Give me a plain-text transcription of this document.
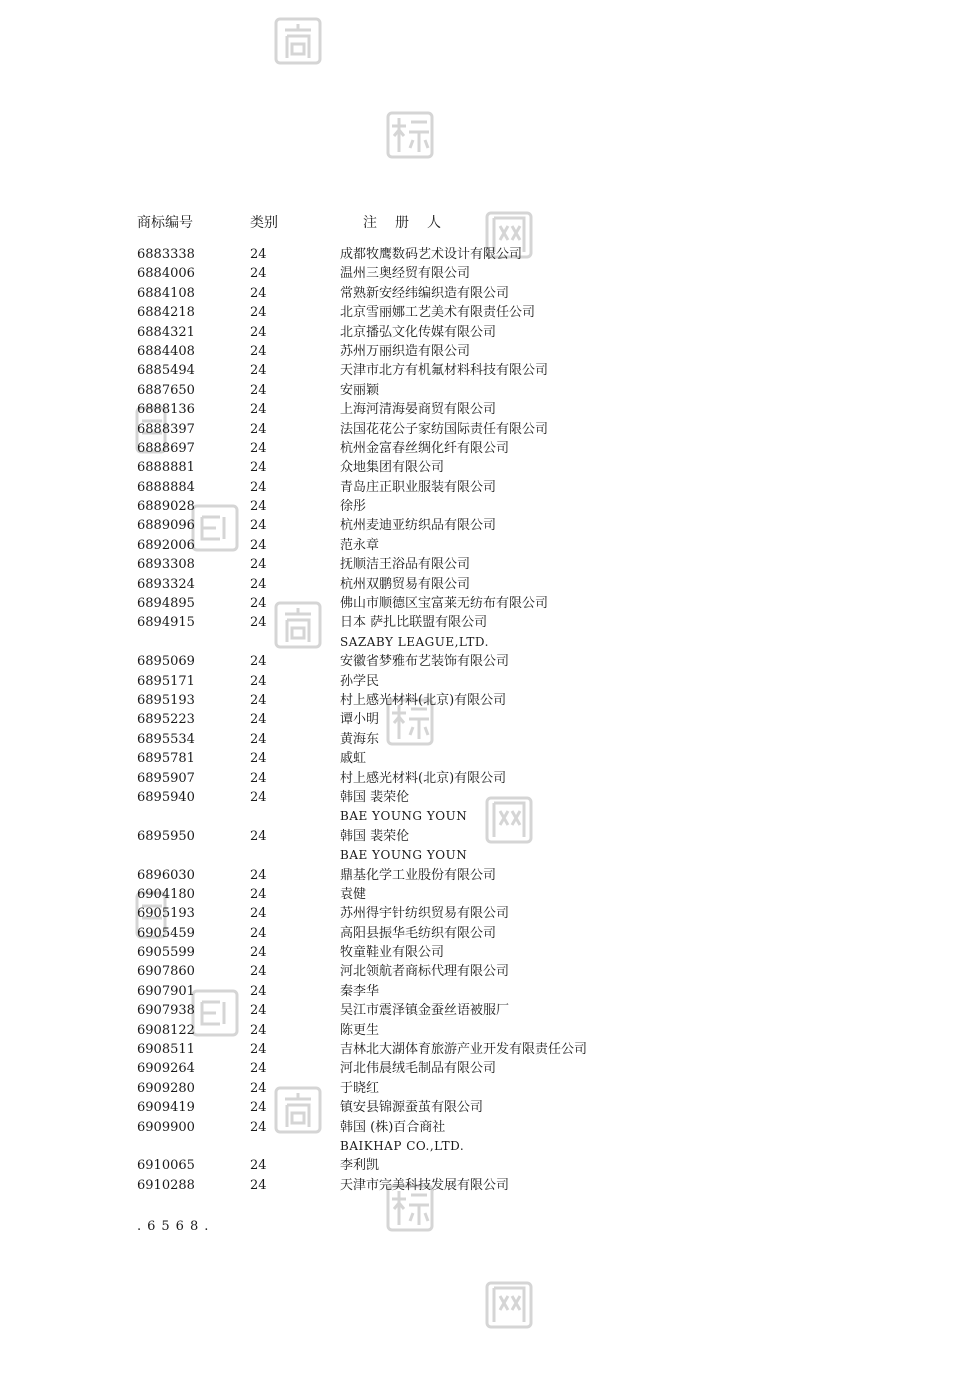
商标编号	类别	注册人
6883338	24	成都牧鹰数码艺术设计有限公司
6884006	24	温州三奥经贸有限公司
6884108	24	常熟新安经纬编织造有限公司
6884218	24	北京雪丽娜工艺美术有限责任公司
6884321	24	北京播弘文化传媒有限公司
6884408	24	苏州万丽织造有限公司
6885494	24	天津市北方有机氟材料科技有限公司
6887650	24	安丽颖
6888136	24	上海河清海晏商贸有限公司
6888397	24	法国花花公子家纺国际责任有限公司
6888697	24	杭州金富春丝绸化纤有限公司
6888881	24	众地集团有限公司
6888884	24	青岛庄正职业服装有限公司
6889028	24	徐彤
6889096	24	杭州麦迪亚纺织品有限公司
6892006	24	范永章
6893308	24	抚顺洁王浴品有限公司
6893324	24	杭州双鹏贸易有限公司
6894895	24	佛山市顺德区宝富莱无纺布有限公司
6894915	24	日本 萨扎比联盟有限公司
SAZABY LEAGUE,LTD.
6895069	24	安徽省梦雅布艺装饰有限公司
6895171	24	孙学民
6895193	24	村上感光材料(北京)有限公司
6895223	24	谭小明
6895534	24	黄海东
6895781	24	戚虹
6895907	24	村上感光材料(北京)有限公司
6895940	24	韩国 裴荣伦
BAE YOUNG YOUN
6895950	24	韩国 裴荣伦
BAE YOUNG YOUN
6896030	24	鼎基化学工业股份有限公司
6904180	24	袁健
6905193	24	苏州得宇针纺织贸易有限公司
6905459	24	高阳县振华毛纺织有限公司
6905599	24	牧童鞋业有限公司
6907860	24	河北领航者商标代理有限公司
6907901	24	秦李华
6907938	24	吴江市震泽镇金蚕丝语被服厂
6908122	24	陈更生
6908511	24	吉林北大湖体育旅游产业开发有限责任公司
6909264	24	河北伟晨绒毛制品有限公司
6909280	24	于晓红
6909419	24	镇安县锦源蚕茧有限公司
6909900	24	韩国 (株)百合商社
BAIKHAP CO.,LTD.
6910065	24	李利凯
6910288	24	天津市完美科技发展有限公司
.6568.
